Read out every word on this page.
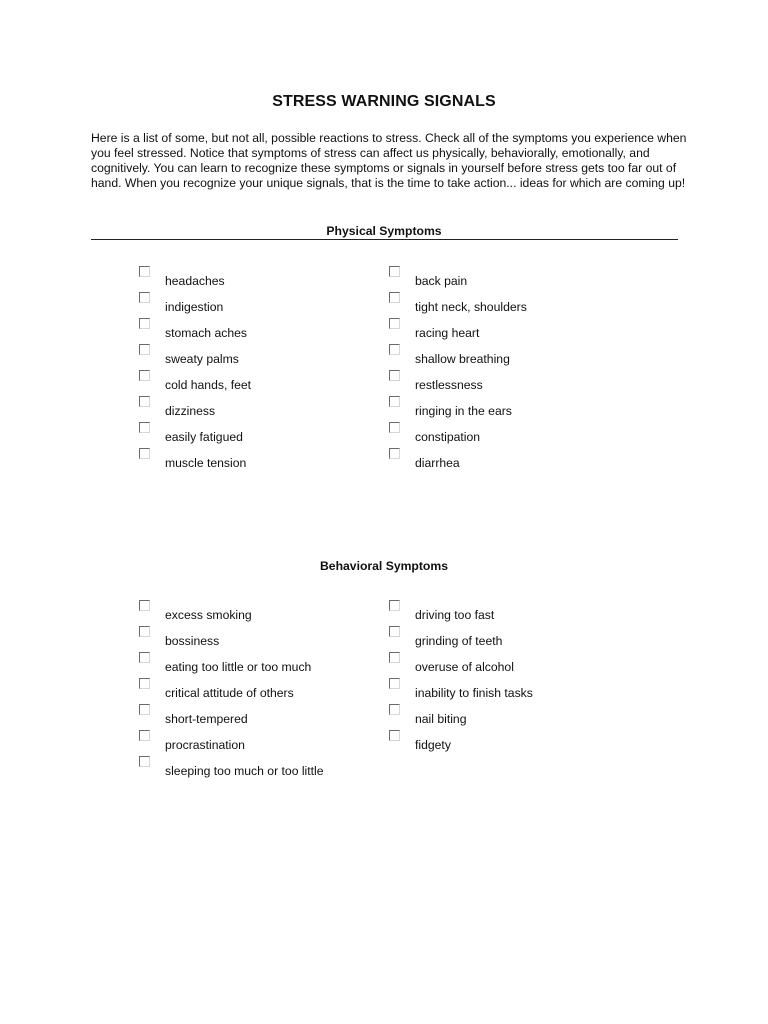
STRESS WARNING SIGNALS

Here is a list of some, but not all, possible reactions to stress. Check all of the symptoms you experience when you feel stressed. Notice that symptoms of stress can affect us physically, behaviorally, emotionally, and cognitively. You can learn to recognize these symptoms or signals in yourself before stress gets too far out of hand. When you recognize your unique signals, that is the time to take action... ideas for which are coming up!

Physical Symptoms
headaches
indigestion
stomach aches
sweaty palms
cold hands, feet
dizziness
easily fatigued
muscle tension
back pain
tight neck, shoulders
racing heart
shallow breathing
restlessness
ringing in the ears
constipation
diarrhea
Behavioral Symptoms
excess smoking
bossiness
eating too little or too much
critical attitude of others
short-tempered
procrastination
sleeping too much or too little
driving too fast
grinding of teeth
overuse of alcohol
inability to finish tasks
nail biting
fidgety
